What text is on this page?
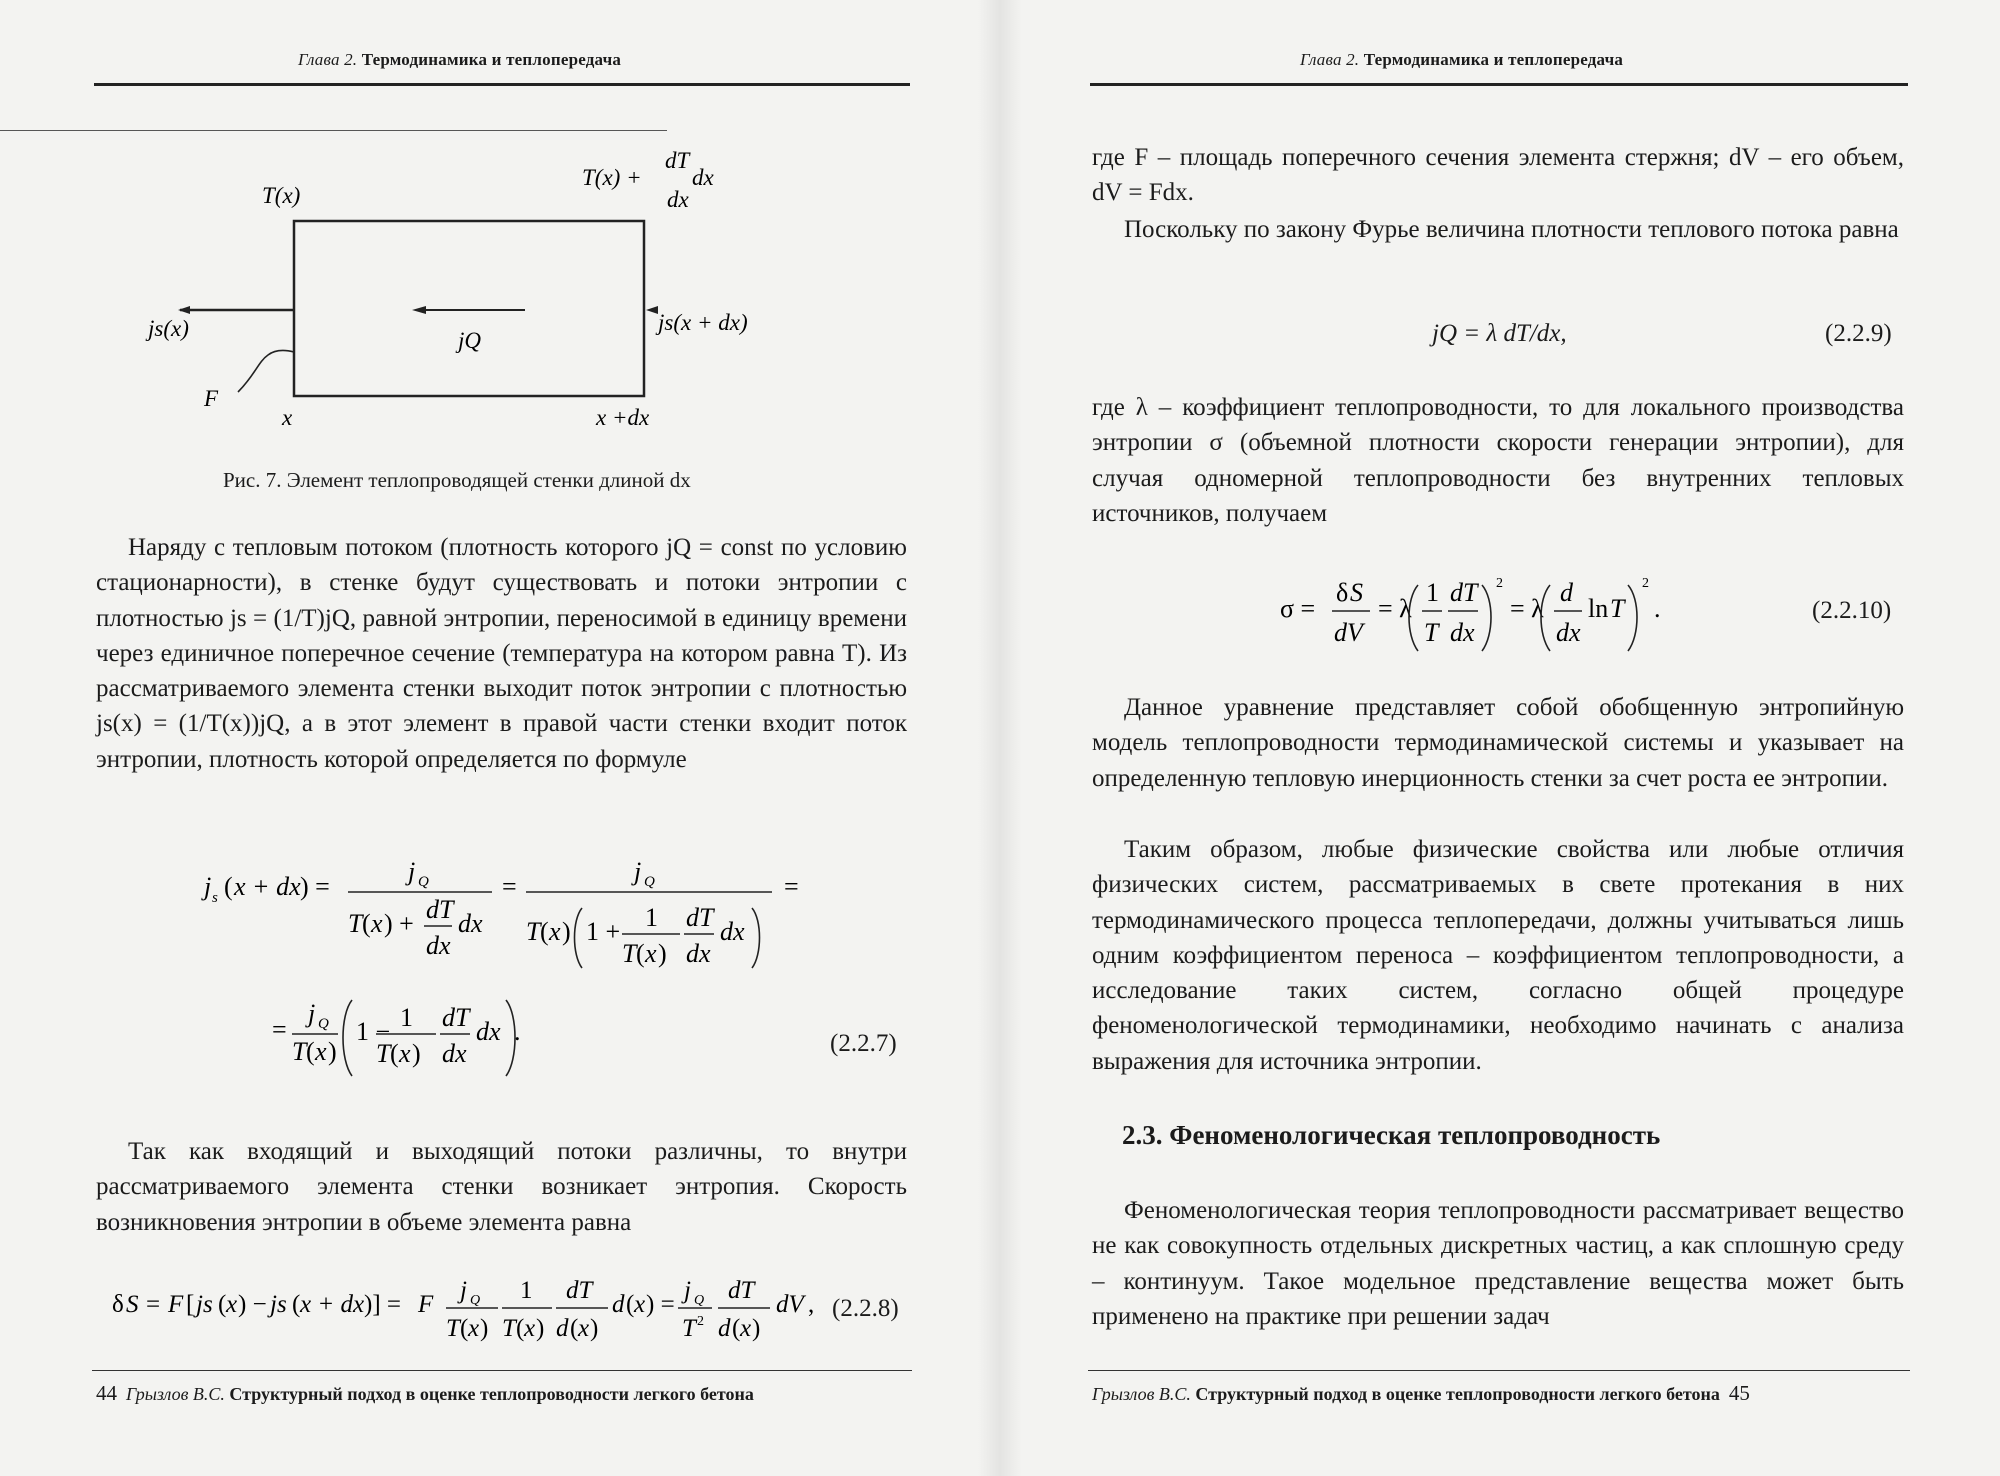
Глава 2. Термодинамика и теплопередача
T(x)
T(x) +
dT
dx
dx
js(x)	jQ
js(x + dx)
F
x	x +dx
Рис. 7. Элемент теплопроводящей стенки длиной dx

Наряду с тепловым потоком (плотность которого jQ = const по условию стационарности), в стенке будут существовать и потоки энтропии с плотностью js = (1/T)jQ, равной энтропии, переносимой в единицу времени через единичное поперечное сечение (температура на котором равна T). Из рассматриваемого элемента стенки выходит поток энтропии с плотностью js(x) = (1/T(x))jQ, а в этот элемент в правой части стенки входит поток энтропии, плотность которой определяется по формуле

j s ( x + dx ) =
j Q
T ( x ) + dT
dx
dx
=
j Q
T ( x ) 1 + 1
T ( x )
dT
dx
dx
=
=
j Q
T ( x )
1 − 1
T ( x )
dT
dx
dx .	(2.2.7)

Так как входящий и выходящий потоки различны, то внутри рассматриваемого элемента стенки возникает энтропия. Скорость возникновения энтропии в объеме элемента равна

δ S = F [ js ( x ) − js ( x + dx )] = F
j Q
T ( x )
1
T ( x )
dT
d ( x )
d ( x ) =
j Q
T 2
dT
d ( x )
dV , (2.2.8)
44 Грызлов В.С. Структурный подход в оценке теплопроводности легкого бетона
Глава 2. Термодинамика и теплопередача

где F – площадь поперечного сечения элемента стержня; dV – его объем, dV = Fdx.

Поскольку по закону Фурье величина плотности теплового потока равна

jQ = λ dT/dx,	(2.2.9)

где λ – коэффициент теплопроводности, то для локального производства энтропии σ (объемной плотности скорости генерации энтропии), для случая одномерной теплопроводности без внутренних тепловых источников, получаем

σ =
δ S
dV
= λ
1
T
dT
dx
2
= λ
d
dx
ln T
2
.	(2.2.10)

Данное уравнение представляет собой обобщенную энтропийную модель теплопроводности термодинамической системы и указывает на определенную тепловую инерционность стенки за счет роста ее энтропии.

Таким образом, любые физические свойства или любые отличия физических систем, рассматриваемых в свете протекания в них термодинамического процесса теплопередачи, должны учитываться лишь одним коэффициентом переноса – коэффициентом теплопроводности, а исследование таких систем, согласно общей процедуре феноменологической термодинамики, необходимо начинать с анализа выражения для источника энтропии.

2.3. Феноменологическая теплопроводность

Феноменологическая теория теплопроводности рассматривает вещество не как совокупность отдельных дискретных частиц, а как сплошную среду – континуум. Такое модельное представление вещества может быть применено на практике при решении задач

Грызлов В.С. Структурный подход в оценке теплопроводности легкого бетона 45
